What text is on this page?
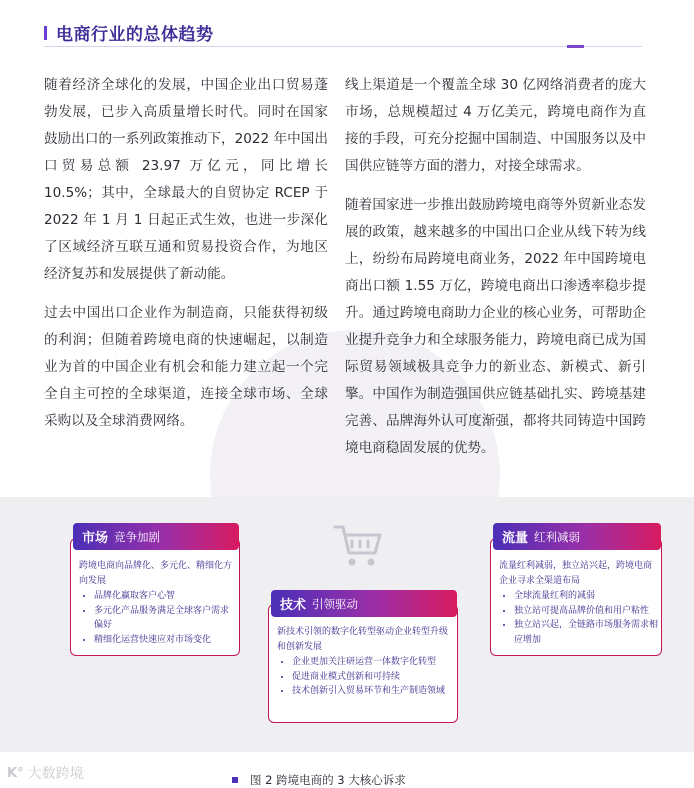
电商行业的总体趋势

随着经济全球化的发展，中国企业出口贸易蓬勃发展，已步入高质量增长时代。同时在国家鼓励出口的一系列政策推动下，2022 年中国出口贸易总额 23.97 万亿元，同比增长 10.5%；其中，全球最大的自贸协定 RCEP 于 2022 年 1 月 1 日起正式生效，也进一步深化了区域经济互联互通和贸易投资合作，为地区经济复苏和发展提供了新动能。

过去中国出口企业作为制造商，只能获得初级的利润；但随着跨境电商的快速崛起，以制造业为首的中国企业有机会和能力建立起一个完全自主可控的全球渠道，连接全球市场、全球采购以及全球消费网络。

线上渠道是一个覆盖全球 30 亿网络消费者的庞大市场，总规模超过 4 万亿美元，跨境电商作为直接的手段，可充分挖掘中国制造、中国服务以及中国供应链等方面的潜力，对接全球需求。

随着国家进一步推出鼓励跨境电商等外贸新业态发展的政策，越来越多的中国出口企业从线下转为线上，纷纷布局跨境电商业务，2022 年中国跨境电商出口额 1.55 万亿，跨境电商出口渗透率稳步提升。通过跨境电商助力企业的核心业务，可帮助企业提升竞争力和全球服务能力，跨境电商已成为国际贸易领域极具竞争力的新业态、新模式、新引擎。中国作为制造强国供应链基础扎实、跨境基建完善、品牌海外认可度渐强，都将共同铸造中国跨境电商稳固发展的优势。

市场 竞争加剧

跨境电商向品牌化、多元化、精细化方向发展

• 品牌化赢取客户心智
• 多元化产品服务满足全球客户需求偏好
• 精细化运营快速应对市场变化
技术 引领驱动

新技术引领的数字化转型驱动企业转型升级和创新发展

• 企业更加关注研运营一体数字化转型
• 促进商业模式创新和可持续
• 技术创新引入贸易环节和生产制造领域
流量 红利减弱

流量红利减弱，独立站兴起，跨境电商企业寻求全渠道布局

• 全球流量红利的减弱
• 独立站可提高品牌价值和用户粘性
• 独立站兴起，全链路市场服务需求相应增加
K° 大数跨境	图 2 跨境电商的 3 大核心诉求
